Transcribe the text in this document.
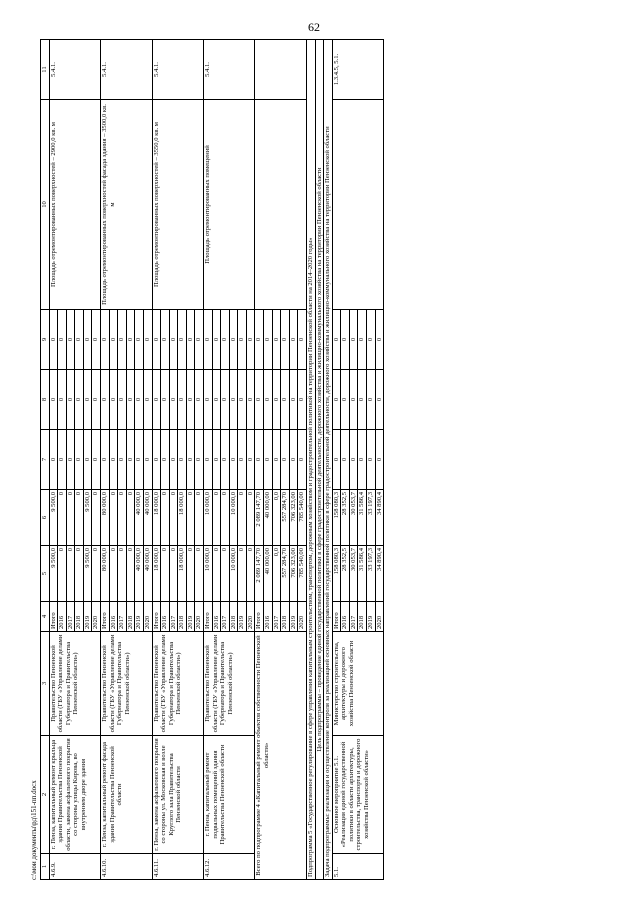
62
1	2	3	4	5	6	7	8	9	10	11
4.6.9.	г. Пенза, капитальный ремонт крыльца здания Правительства Пензенской области, замена асфальтового покрытия со стороны улицы Кирова, во внутреннем дворе здания	Правительство Пензенской области (ГБУ «Управление делами Губернатора и Правительства Пензенской области»)	Итого	9 500,0	9 500,0	0	0	0	Площадь отремонтированных поверхностей – 2900,0 кв. м	5.4.1.
			2016	0	0	0	0	0		
			2017	0	0	0	0	0		
			2018	0	0	0	0	0		
			2019	9 500,0	9 500,0	0	0	0		
			2020	0	0	0	0	0		
4.6.10.	г. Пенза, капитальный ремонт фасада здания Правительства Пензенской области	Правительство Пензенской области (ГБУ «Управление делами Губернатора и Правительства Пензенской области»)	Итого	80 000,0	80 000,0	0	0	0	Площадь отремонтированных поверхностей фасада здания – 3500,0 кв. м	5.4.1.
			2016	0	0	0	0	0		
			2017	0	0	0	0	0		
			2018	0	0	0	0	0		
			2019	40 000,0	40 000,0	0	0	0		
			2020	40 000,0	40 000,0	0	0	0		
4.6.11.	г. Пенза, замена асфальтового покрытия со стороны ул. Московская и возле Круглого зала Правительства Пензенской области	Правительство Пензенской области (ГБУ «Управление делами Губернатора и Правительства Пензенской области»)	Итого	18 000,0	18 000,0	0	0	0	Площадь отремонтированных поверхностей – 3550,0 кв. м	5.4.1.
			2016	0	0	0	0	0		
			2017	0	0	0	0	0		
			2018	18 000,0	18 000,0	0	0	0		
			2019	0	0	0	0	0		
			2020	0	0	0	0	0		
4.6.12.	г. Пенза, капитальный ремонт подвальных помещений здания Правительства Пензенской области	Правительство Пензенской области (ГБУ «Управление делами Губернатора и Правительства Пензенской области»)	Итого	10 000,0	10 000,0	0	0	0	Площадь отремонтированных помещений	5.4.1.
			2016	0	0	0	0	0		
			2017	0	0	0	0	0		
			2018	10 000,0	10 000,0	0	0	0		
			2019	0	0	0	0	0		
			2020	0	0	0	0	0		
Всего по подпрограмме 4 «Капитальный ремонт объектов собственности Пензенской области»			Итого	2 089 147,70	2 089 147,70	0	0	0		
			2016	40 000,00	40 000,00	0	0	0		
			2017	0,0	0,0	0	0	0		
			2018	557 284,70	557 284,70	0	0	0		
			2019	706 323,00	706 323,00	0	0	0		
			2020	785 540,00	785 540,00	0	0	0		
Подпрограмма 5 «Государственное регулирование в сфере управления капитальным строительством, транспортом, дорожным хозяйством и градостроительной политикой на территории Пензенской области на 2014–2020 годы»										
Цель подпрограммы – проведение единой государственной политики в сфере градостроительной деятельности, дорожного хозяйства и жилищно-коммунального хозяйства на территории Пензенской области										
Задача подпрограммы: реализация и осуществление контроля за реализацией основных направлений государственной политики в сфере градостроительной деятельности, дорожного хозяйства и жилищно-коммунального хозяйства на территории Пензенской области										
5.1.	Основное мероприятие 5.1. «Реализация единой государственной политики в области архитектуры, строительства, транспорта и дорожного хозяйства Пензенской области»	Министерство строительства, архитектуры и дорожного хозяйства Пензенской области	Итого	158 080,3	158 080,3	0	0	0		1.3.4.5, 5.1.
			2016	28 352,5	28 352,5	0	0	0		
			2017	30 053,7	30 053,7	0	0	0		
			2018	31 586,4	31 586,4	0	0	0		
			2019	33 197,3	33 197,3	0	0	0		
			2020	34 890,4	34 890,4	0	0	0		
c:\мои документы\рд\151-пп.docx
